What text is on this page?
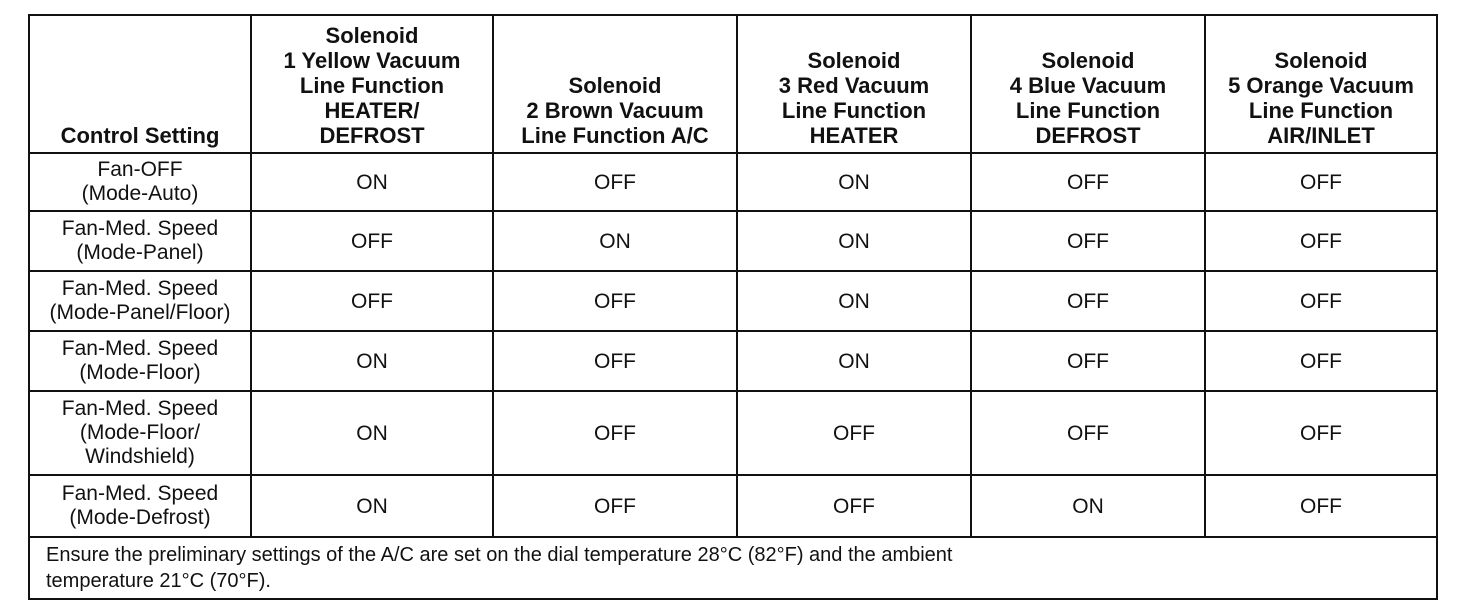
Control Setting	Solenoid
1 Yellow Vacuum
Line Function
HEATER/
DEFROST	Solenoid
2 Brown Vacuum
Line Function A/C	Solenoid
3 Red Vacuum
Line Function
HEATER	Solenoid
4 Blue Vacuum
Line Function
DEFROST	Solenoid
5 Orange Vacuum
Line Function
AIR/INLET

Fan-OFF
(Mode-Auto)	ON	OFF	ON	OFF	OFF

Fan-Med. Speed
(Mode-Panel)	OFF	ON	ON	OFF	OFF

Fan-Med. Speed
(Mode-Panel/Floor)	OFF	OFF	ON	OFF	OFF

Fan-Med. Speed
(Mode-Floor)	ON	OFF	ON	OFF	OFF

Fan-Med. Speed
(Mode-Floor/
Windshield)	ON	OFF	OFF	OFF	OFF

Fan-Med. Speed
(Mode-Defrost)	ON	OFF	OFF	ON	OFF

Ensure the preliminary settings of the A/C are set on the dial temperature 28°C (82°F) and the ambient
temperature 21°C (70°F).					
